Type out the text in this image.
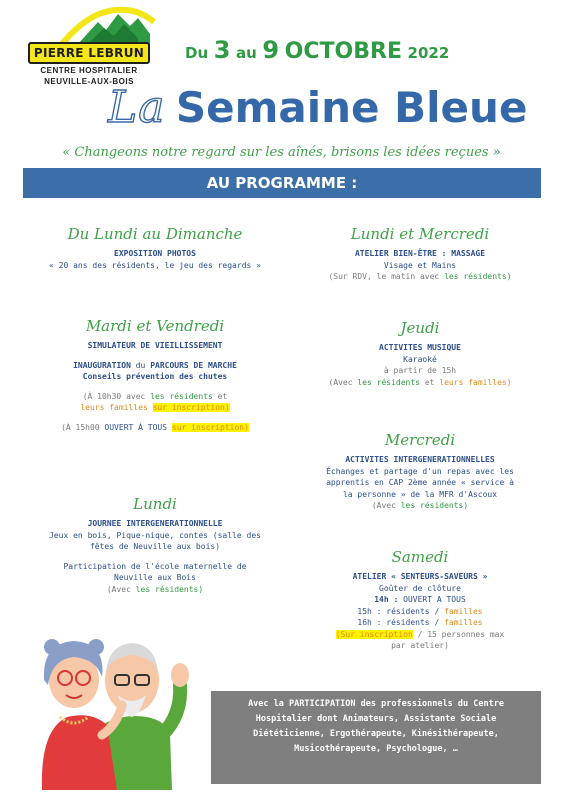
PIERRE LEBRUN
CENTRE HOSPITALIER
NEUVILLE-AUX-BOIS
Du 3 au 9 OCTOBRE 2022
La Semaine Bleue
« Changeons notre regard sur les aînés, brisons les idées reçues »
AU PROGRAMME :
Du Lundi au Dimanche
EXPOSITION PHOTOS
« 20 ans des résidents, le jeu des regards »
Mardi et Vendredi
SIMULATEUR DE VIEILLISSEMENT
INAUGURATION du PARCOURS DE MARCHE
Conseils prévention des chutes
(À 10h30 avec les résidents et
leurs familles sur inscription)
(À 15h00 OUVERT À TOUS sur inscription)
Lundi
JOURNEE INTERGENERATIONNELLE
Jeux en bois, Pique-nique, contes (salle des
fêtes de Neuville aux bois)
Participation de l'école maternelle de
Neuville aux Bois
(Avec les résidents)
Lundi et Mercredi
ATELIER BIEN-ÊTRE : MASSAGE
Visage et Mains
(Sur RDV, le matin avec les résidents)
Jeudi
ACTIVITES MUSIQUE
Karaoké
à partir de 15h
(Avec les résidents et leurs familles)
Mercredi
ACTIVITES INTERGENERATIONNELLES
Échanges et partage d'un repas avec les
apprentis en CAP 2ème année « service à
la personne » de la MFR d'Ascoux
(Avec les résidents)
Samedi
ATELIER « SENTEURS-SAVEURS »
Goûter de clôture
14h : OUVERT A TOUS
15h : résidents / familles
16h : résidents / familles
(Sur inscription / 15 personnes max
par atelier)
Avec la PARTICIPATION des professionnels du Centre
Hospitalier dont Animateurs, Assistante Sociale
Diététicienne, Ergothérapeute, Kinésithérapeute,
Musicothérapeute, Psychologue, …
